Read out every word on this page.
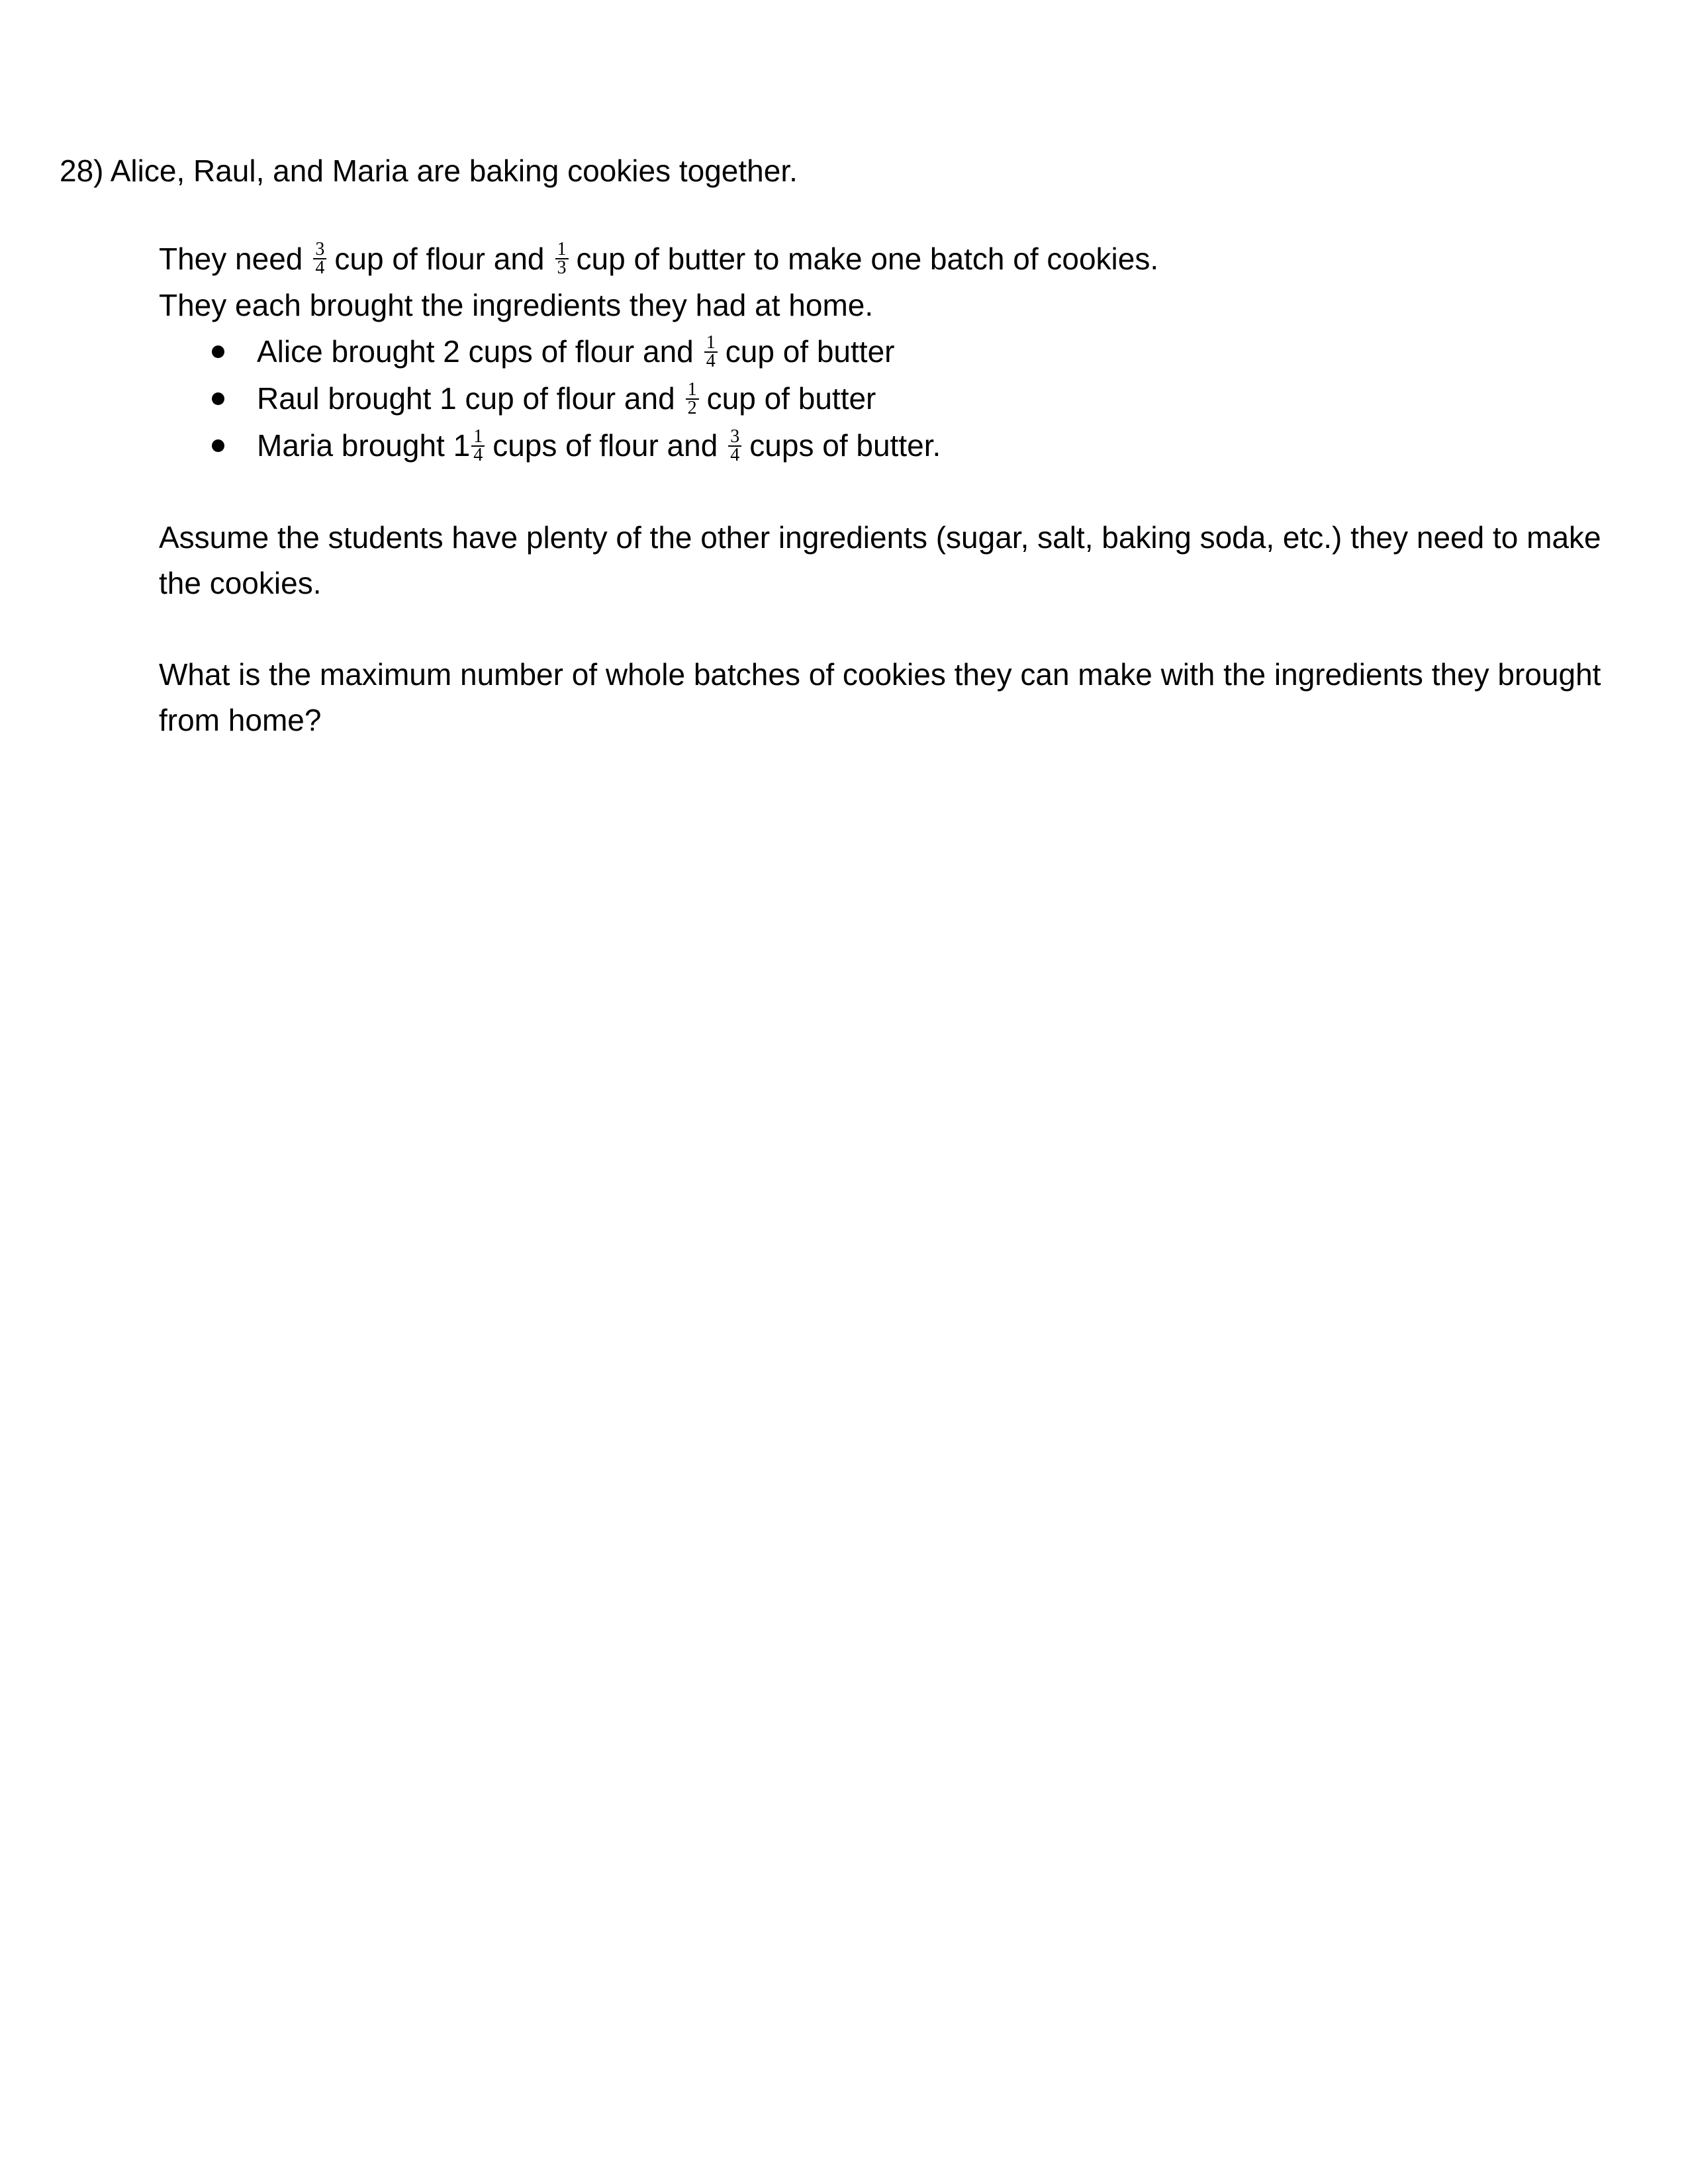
28) Alice, Raul, and Maria are baking cookies together.
They need $\frac{3}{4}$ cup of flour and $\frac{1}{3}$ cup of butter to make one batch of cookies.
They each brought the ingredients they had at home.
Alice brought 2 cups of flour and $\frac{1}{4}$ cup of butter
Raul brought 1 cup of flour and $\frac{1}{2}$ cup of butter
Maria brought $1 \frac{1}{4}$ cups of flour and $\frac{3}{4}$ cups of butter.

Assume the students have plenty of the other ingredients (sugar, salt, baking soda, etc.) they need to make the cookies.

What is the maximum number of whole batches of cookies they can make with the ingredients they brought from home?
